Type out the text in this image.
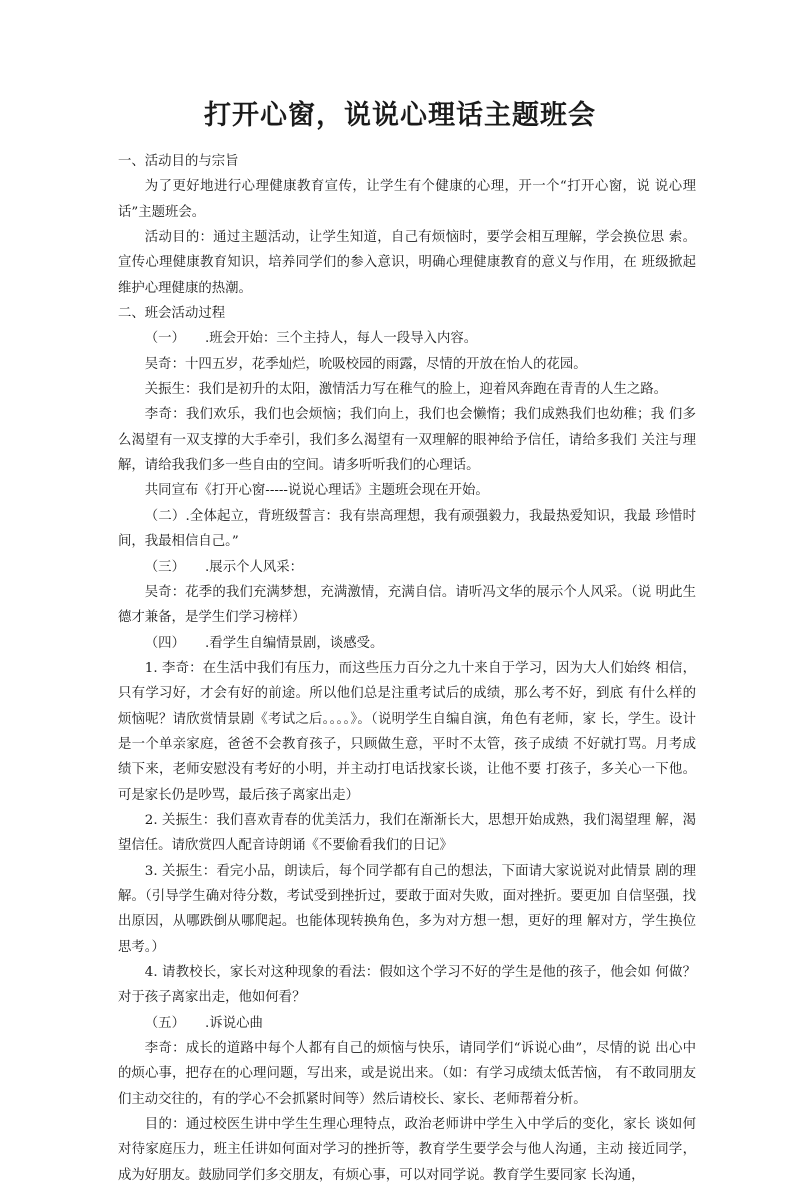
打开心窗，说说心理话主题班会

一、活动目的与宗旨

为了更好地进行心理健康教育宣传，让学生有个健康的心理，开一个“打开心窗，说 说心理话”主题班会。

活动目的：通过主题活动，让学生知道，自己有烦恼时，要学会相互理解，学会换位思 索。宣传心理健康教育知识，培养同学们的参入意识，明确心理健康教育的意义与作用，在 班级掀起维护心理健康的热潮。

二、班会活动过程

（一）　　.班会开始：三个主持人，每人一段导入内容。

吴奇：十四五岁，花季灿烂，吮吸校园的雨露，尽情的开放在怡人的花园。

关振生：我们是初升的太阳，激情活力写在稚气的脸上，迎着风奔跑在青青的人生之路。

李奇：我们欢乐，我们也会烦恼；我们向上，我们也会懒惰；我们成熟我们也幼稚；我 们多么渴望有一双支撑的大手牵引，我们多么渴望有一双理解的眼神给予信任，请给多我们 关注与理解，请给我我们多一些自由的空间。请多听听我们的心理话。

共同宣布《打开心窗-----说说心理话》主题班会现在开始。

（二）.全体起立，背班级誓言：我有崇高理想，我有顽强毅力，我最热爱知识，我最 珍惜时间，我最相信自己。”

（三）　　.展示个人风采：

吴奇：花季的我们充满梦想，充满激情，充满自信。请听冯文华的展示个人风采。（说 明此生德才兼备，是学生们学习榜样）

（四）　　.看学生自编情景剧，谈感受。

1. 李奇：在生活中我们有压力，而这些压力百分之九十来自于学习，因为大人们始终 相信，只有学习好，才会有好的前途。所以他们总是注重考试后的成绩，那么考不好，到底 有什么样的烦恼呢？请欣赏情景剧《考试之后。。。。》。（说明学生自编自演，角色有老师，家 长，学生。设计是一个单亲家庭，爸爸不会教育孩子，只顾做生意，平时不太管，孩子成绩 不好就打骂。月考成绩下来，老师安慰没有考好的小明，并主动打电话找家长谈，让他不要 打孩子，多关心一下他。可是家长仍是吵骂，最后孩子离家出走）

2. 关振生：我们喜欢青春的优美活力，我们在渐渐长大，思想开始成熟，我们渴望理 解，渴望信任。请欣赏四人配音诗朗诵《不要偷看我们的日记》

3. 关振生：看完小品，朗读后，每个同学都有自己的想法，下面请大家说说对此情景 剧的理解。（引导学生确对待分数，考试受到挫折过，要敢于面对失败，面对挫折。要更加 自信坚强，找出原因，从哪跌倒从哪爬起。也能体现转换角色，多为对方想一想，更好的理 解对方，学生换位思考。）

4. 请教校长，家长对这种现象的看法：假如这个学习不好的学生是他的孩子，他会如 何做？对于孩子离家出走，他如何看？

（五）　　.诉说心曲

李奇：成长的道路中每个人都有自己的烦恼与快乐，请同学们“诉说心曲”，尽情的说 出心中的烦心事，把存在的心理问题，写出来，或是说出来。（如：有学习成绩太低苦恼， 有不敢同朋友们主动交往的，有的学心不会抓紧时间等）然后请校长、家长、老师帮着分析。

目的：通过校医生讲中学生生理心理特点，政治老师讲中学生入中学后的变化，家长 谈如何对待家庭压力，班主任讲如何面对学习的挫折等，教育学生要学会与他人沟通，主动 接近同学，成为好朋友。鼓励同学们多交朋友，有烦心事，可以对同学说。教育学生要同家 长沟通，
